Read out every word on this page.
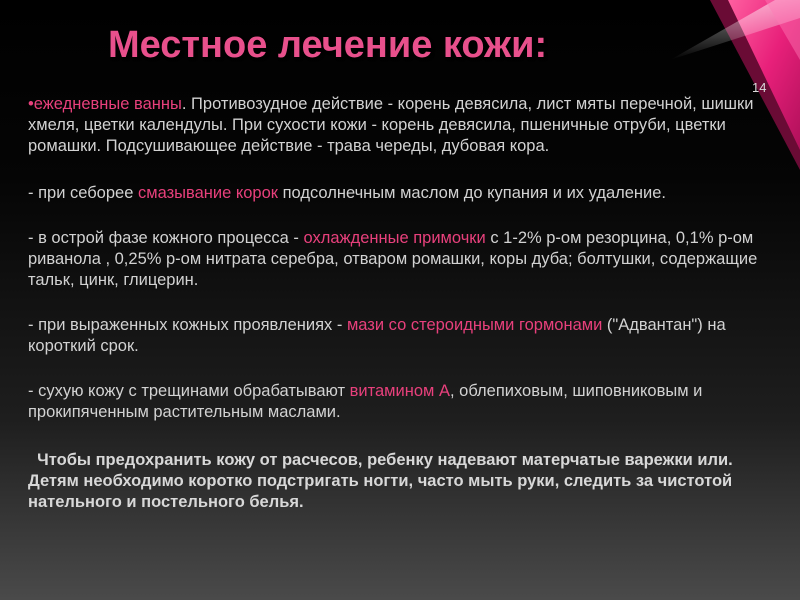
Местное лечение кожи:
14

•ежедневные ванны. Противозудное действие - корень девясила, лист мяты перечной, шишки хмеля, цветки календулы. При сухости кожи - корень девясила, пшеничные отруби, цветки ромашки. Подсушивающее действие - трава череды, дубовая кора.

- при себорее смазывание корок подсолнечным маслом до купания и их удаление.

- в острой фазе кожного процесса - охлажденные примочки с 1-2% р-ом резорцина, 0,1% р-ом риванола , 0,25% р-ом нитрата серебра, отваром ромашки, коры дуба; болтушки, содержащие тальк, цинк, глицерин.

- при выраженных кожных проявлениях - мази со стероидными гормонами ("Адвантан") на короткий срок.

- сухую кожу с трещинами обрабатывают витамином А, облепиховым, шиповниковым и прокипяченным растительным маслами.

Чтобы предохранить кожу от расчесов, ребенку надевают матерчатые варежки или. Детям необходимо коротко подстригать ногти, часто мыть руки, следить за чистотой нательного и постельного белья.
